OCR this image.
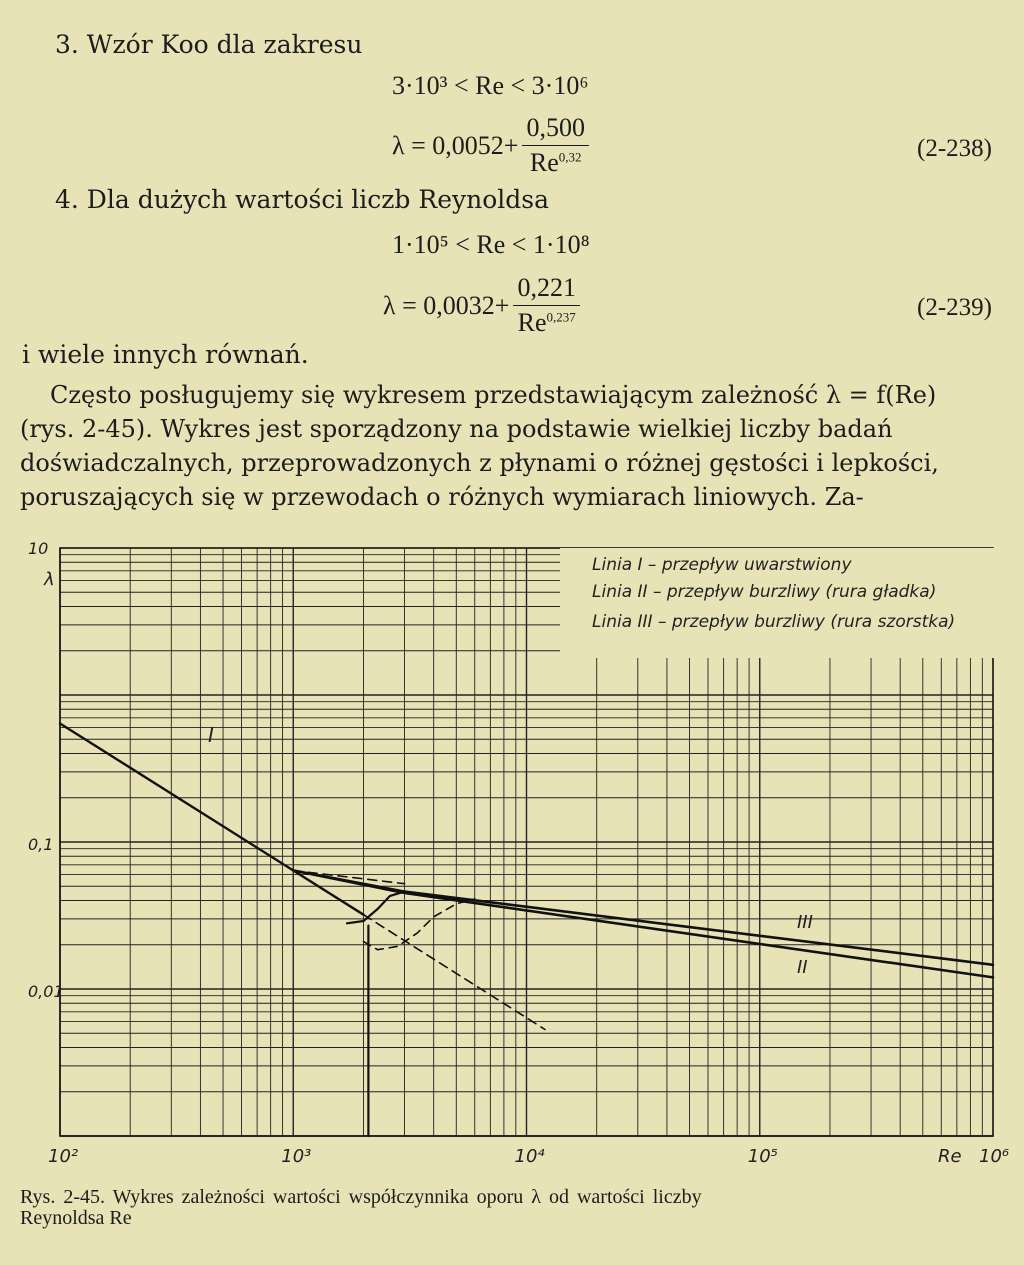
3. Wzór Koo dla zakresu
3·10³ < Re < 3·10⁶
$\lambda = 0,0052+ \frac{0,500}{Re^{0,32}}$	(2-238)
4. Dla dużych wartości liczb Reynoldsa
1·10⁵ < Re < 1·10⁸
$\lambda = 0,0032+ \frac{0,221}{Re^{0,237}}$	(2-239)
i wiele innych równań.
Często posługujemy się wykresem przedstawiającym zależność λ = f(Re)
(rys. 2-45). Wykres jest sporządzony na podstawie wielkiej liczby badań
doświadczalnych, przeprowadzonych z płynami o różnej gęstości i lepkości,
poruszających się w przewodach o różnych wymiarach liniowych. Za-
10²	10³	10⁴	10⁵	10⁶
10
0,1
0,01
Linia I – przepływ uwarstwiony
Linia II – przepływ burzliwy (rura gładka)
Linia III – przepływ burzliwy (rura szorstka)
λ
Re
I
III
II
Rys. 2-45. Wykres zależności wartości współczynnika oporu λ od wartości liczby
Reynoldsa Re
